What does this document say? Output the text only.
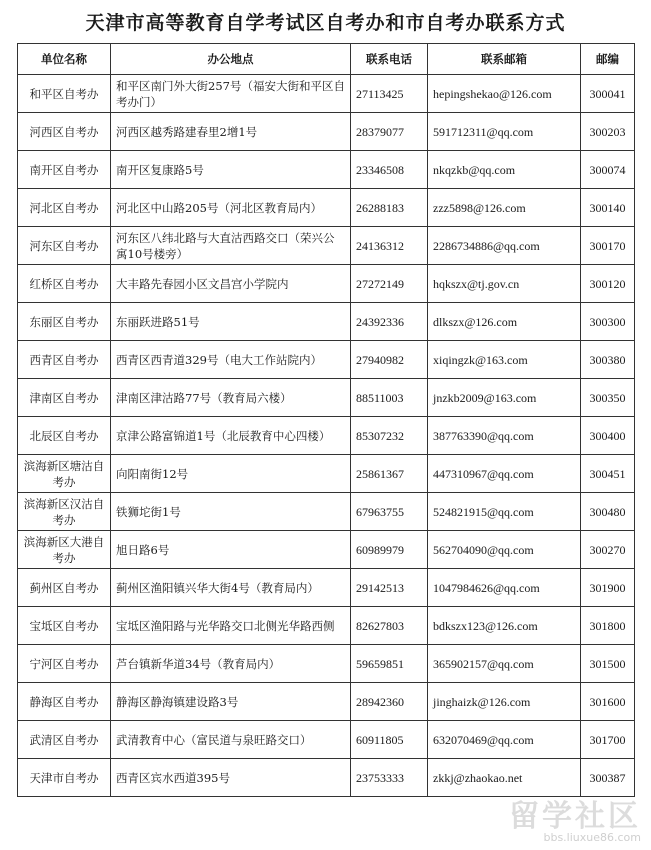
天津市高等教育自学考试区自考办和市自考办联系方式
单位名称	办公地点	联系电话	联系邮箱	邮编
和平区自考办	和平区南门外大街257号（福安大街和平区自考办门）	27113425	hepingshekao@126.com	300041
河西区自考办	河西区越秀路建春里2增1号	28379077	591712311@qq.com	300203
南开区自考办	南开区复康路5号	23346508	nkqzkb@qq.com	300074
河北区自考办	河北区中山路205号（河北区教育局内）	26288183	zzz5898@126.com	300140
河东区自考办	河东区八纬北路与大直沽西路交口（荣兴公寓10号楼旁）	24136312	2286734886@qq.com	300170
红桥区自考办	大丰路先春园小区文昌宫小学院内	27272149	hqkszx@tj.gov.cn	300120
东丽区自考办	东丽跃进路51号	24392336	dlkszx@126.com	300300
西青区自考办	西青区西青道329号（电大工作站院内）	27940982	xiqingzk@163.com	300380
津南区自考办	津南区津沽路77号（教育局六楼）	88511003	jnzkb2009@163.com	300350
北辰区自考办	京津公路富锦道1号（北辰教育中心四楼）	85307232	387763390@qq.com	300400
滨海新区塘沽自考办	向阳南街12号	25861367	447310967@qq.com	300451
滨海新区汉沽自考办	铁狮坨街1号	67963755	524821915@qq.com	300480
滨海新区大港自考办	旭日路6号	60989979	562704090@qq.com	300270
蓟州区自考办	蓟州区渔阳镇兴华大街4号（教育局内）	29142513	1047984626@qq.com	301900
宝坻区自考办	宝坻区渔阳路与光华路交口北侧光华路西侧	82627803	bdkszx123@126.com	301800
宁河区自考办	芦台镇新华道34号（教育局内）	59659851	365902157@qq.com	301500
静海区自考办	静海区静海镇建设路3号	28942360	jinghaizk@126.com	301600
武清区自考办	武清教育中心（富民道与泉旺路交口）	60911805	632070469@qq.com	301700
天津市自考办	西青区宾水西道395号	23753333	zkkj@zhaokao.net	300387
留学社区
bbs.liuxue86.com
